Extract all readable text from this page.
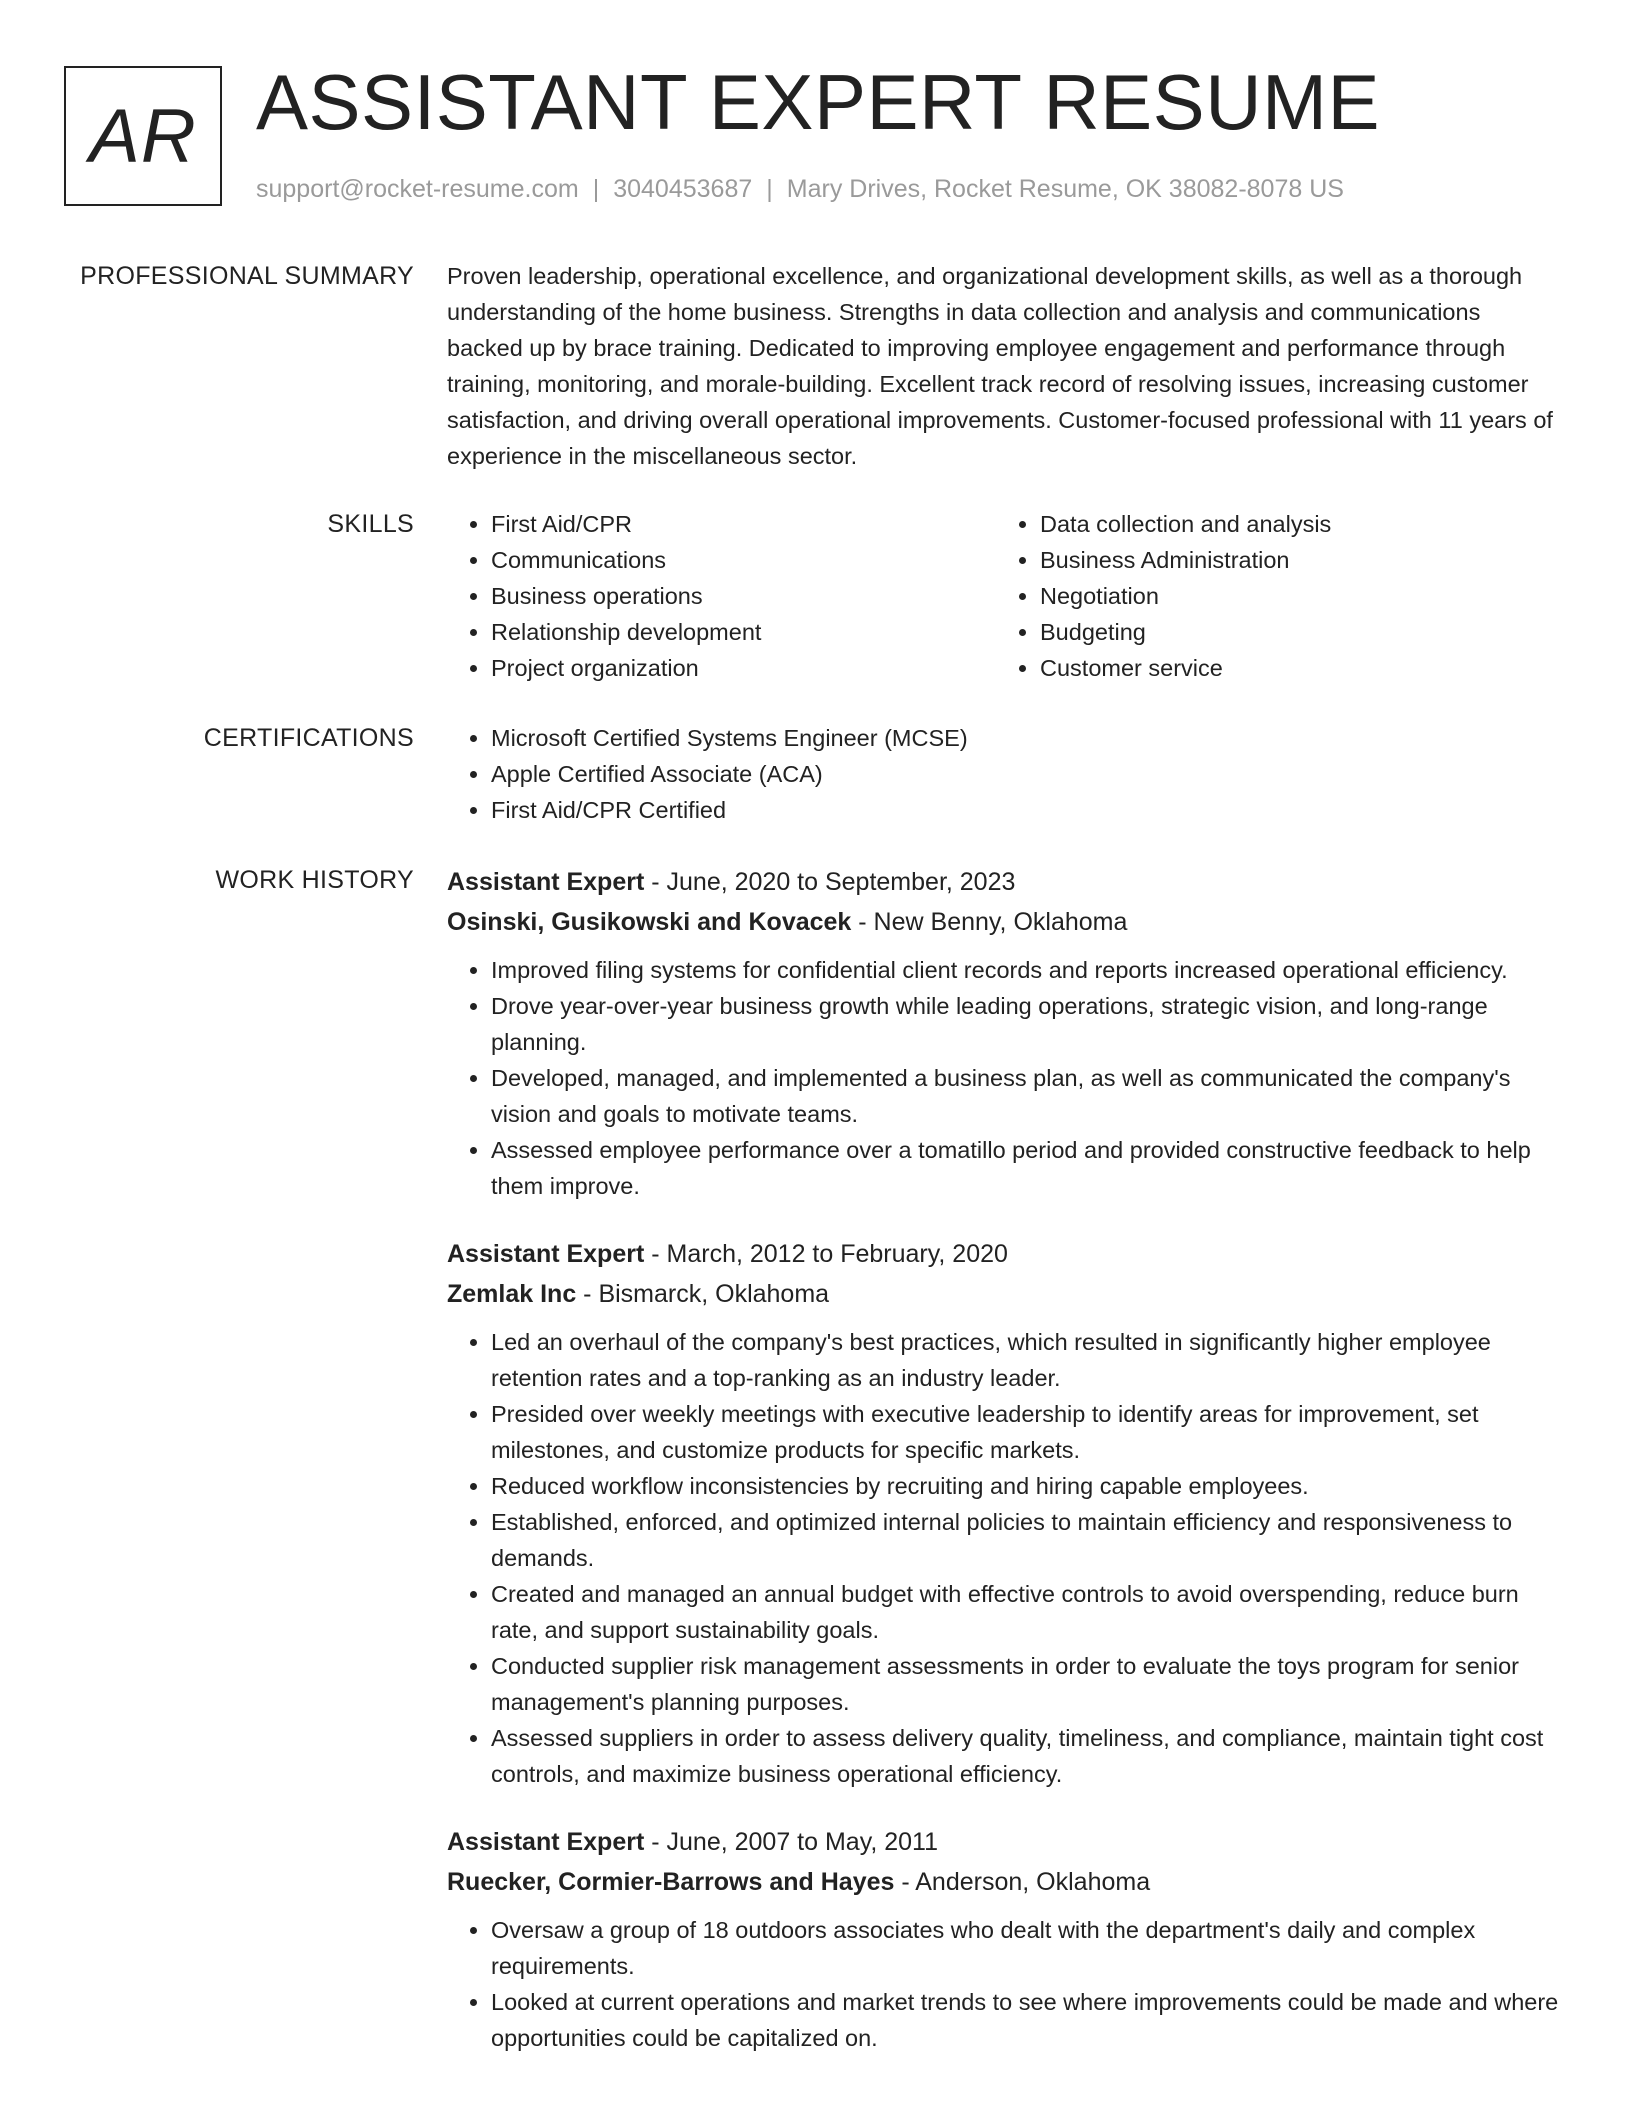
AR ASSISTANT EXPERT RESUME
support@rocket-resume.com | 3040453687 | Mary Drives, Rocket Resume, OK 38082-8078 US
PROFESSIONAL SUMMARY Proven leadership, operational excellence, and organizational development skills, as well as a thorough understanding of the home business. Strengths in data collection and analysis and communications backed up by brace training. Dedicated to improving employee engagement and performance through training, monitoring, and morale-building. Excellent track record of resolving issues, increasing customer satisfaction, and driving overall operational improvements. Customer-focused professional with 11 years of experience in the miscellaneous sector.

SKILLS	• First Aid/CPR
• Communications
• Business operations
• Relationship development
• Project organization
• Data collection and analysis
• Business Administration
• Negotiation
• Budgeting
• Customer service
CERTIFICATIONS	• Microsoft Certified Systems Engineer (MCSE)
• Apple Certified Associate (ACA)
• First Aid/CPR Certified
WORK HISTORY Assistant Expert - June, 2020 to September, 2023
Osinski, Gusikowski and Kovacek - New Benny, Oklahoma
• Improved filing systems for confidential client records and reports increased operational efficiency.
• Drove year-over-year business growth while leading operations, strategic vision, and long-range planning.
• Developed, managed, and implemented a business plan, as well as communicated the company's vision and goals to motivate teams.
• Assessed employee performance over a tomatillo period and provided constructive feedback to help them improve.
Assistant Expert - March, 2012 to February, 2020
Zemlak Inc - Bismarck, Oklahoma
• Led an overhaul of the company's best practices, which resulted in significantly higher employee retention rates and a top-ranking as an industry leader.
• Presided over weekly meetings with executive leadership to identify areas for improvement, set milestones, and customize products for specific markets.
• Reduced workflow inconsistencies by recruiting and hiring capable employees.
• Established, enforced, and optimized internal policies to maintain efficiency and responsiveness to demands.
• Created and managed an annual budget with effective controls to avoid overspending, reduce burn rate, and support sustainability goals.
• Conducted supplier risk management assessments in order to evaluate the toys program for senior management's planning purposes.
• Assessed suppliers in order to assess delivery quality, timeliness, and compliance, maintain tight cost controls, and maximize business operational efficiency.
Assistant Expert - June, 2007 to May, 2011
Ruecker, Cormier-Barrows and Hayes - Anderson, Oklahoma
• Oversaw a group of 18 outdoors associates who dealt with the department's daily and complex requirements.
• Looked at current operations and market trends to see where improvements could be made and where opportunities could be capitalized on.
